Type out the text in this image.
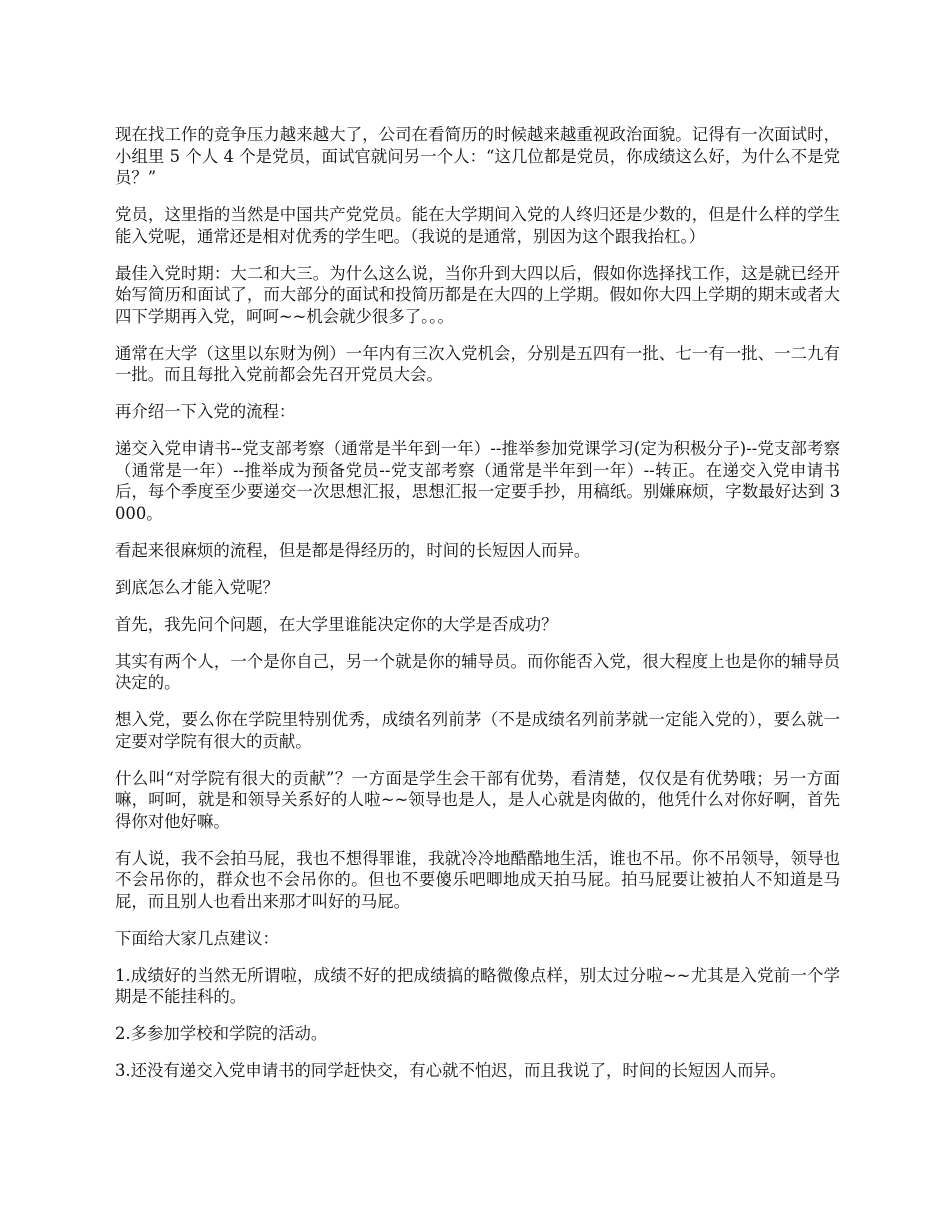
现在找工作的竞争压力越来越大了，公司在看简历的时候越来越重视政治面貌。记得有一次面试时，小组里 5 个人 4 个是党员，面试官就问另一个人：“这几位都是党员，你成绩这么好，为什么不是党员？”

党员，这里指的当然是中国共产党党员。能在大学期间入党的人终归还是少数的，但是什么样的学生能入党呢，通常还是相对优秀的学生吧。（我说的是通常，别因为这个跟我抬杠。）

最佳入党时期：大二和大三。为什么这么说，当你升到大四以后，假如你选择找工作，这是就已经开始写简历和面试了，而大部分的面试和投简历都是在大四的上学期。假如你大四上学期的期末或者大四下学期再入党，呵呵~~机会就少很多了。。。

通常在大学（这里以东财为例）一年内有三次入党机会，分别是五四有一批、七一有一批、一二九有一批。而且每批入党前都会先召开党员大会。

再介绍一下入党的流程：

递交入党申请书--党支部考察（通常是半年到一年）--推举参加党课学习(定为积极分子)--党支部考察（通常是一年）--推举成为预备党员--党支部考察（通常是半年到一年）--转正。在递交入党申请书后，每个季度至少要递交一次思想汇报，思想汇报一定要手抄，用稿纸。别嫌麻烦，字数最好达到 3000。

看起来很麻烦的流程，但是都是得经历的，时间的长短因人而异。

到底怎么才能入党呢？

首先，我先问个问题，在大学里谁能决定你的大学是否成功？

其实有两个人，一个是你自己，另一个就是你的辅导员。而你能否入党，很大程度上也是你的辅导员决定的。

想入党，要么你在学院里特别优秀，成绩名列前茅（不是成绩名列前茅就一定能入党的），要么就一定要对学院有很大的贡献。

什么叫“对学院有很大的贡献”？一方面是学生会干部有优势，看清楚，仅仅是有优势哦；另一方面嘛，呵呵，就是和领导关系好的人啦~~领导也是人，是人心就是肉做的，他凭什么对你好啊，首先得你对他好嘛。

有人说，我不会拍马屁，我也不想得罪谁，我就冷冷地酷酷地生活，谁也不吊。你不吊领导，领导也不会吊你的，群众也不会吊你的。但也不要傻乐吧唧地成天拍马屁。拍马屁要让被拍人不知道是马屁，而且别人也看出来那才叫好的马屁。

下面给大家几点建议：

1.成绩好的当然无所谓啦，成绩不好的把成绩搞的略微像点样，别太过分啦~~尤其是入党前一个学期是不能挂科的。

2.多参加学校和学院的活动。

3.还没有递交入党申请书的同学赶快交，有心就不怕迟，而且我说了，时间的长短因人而异。
